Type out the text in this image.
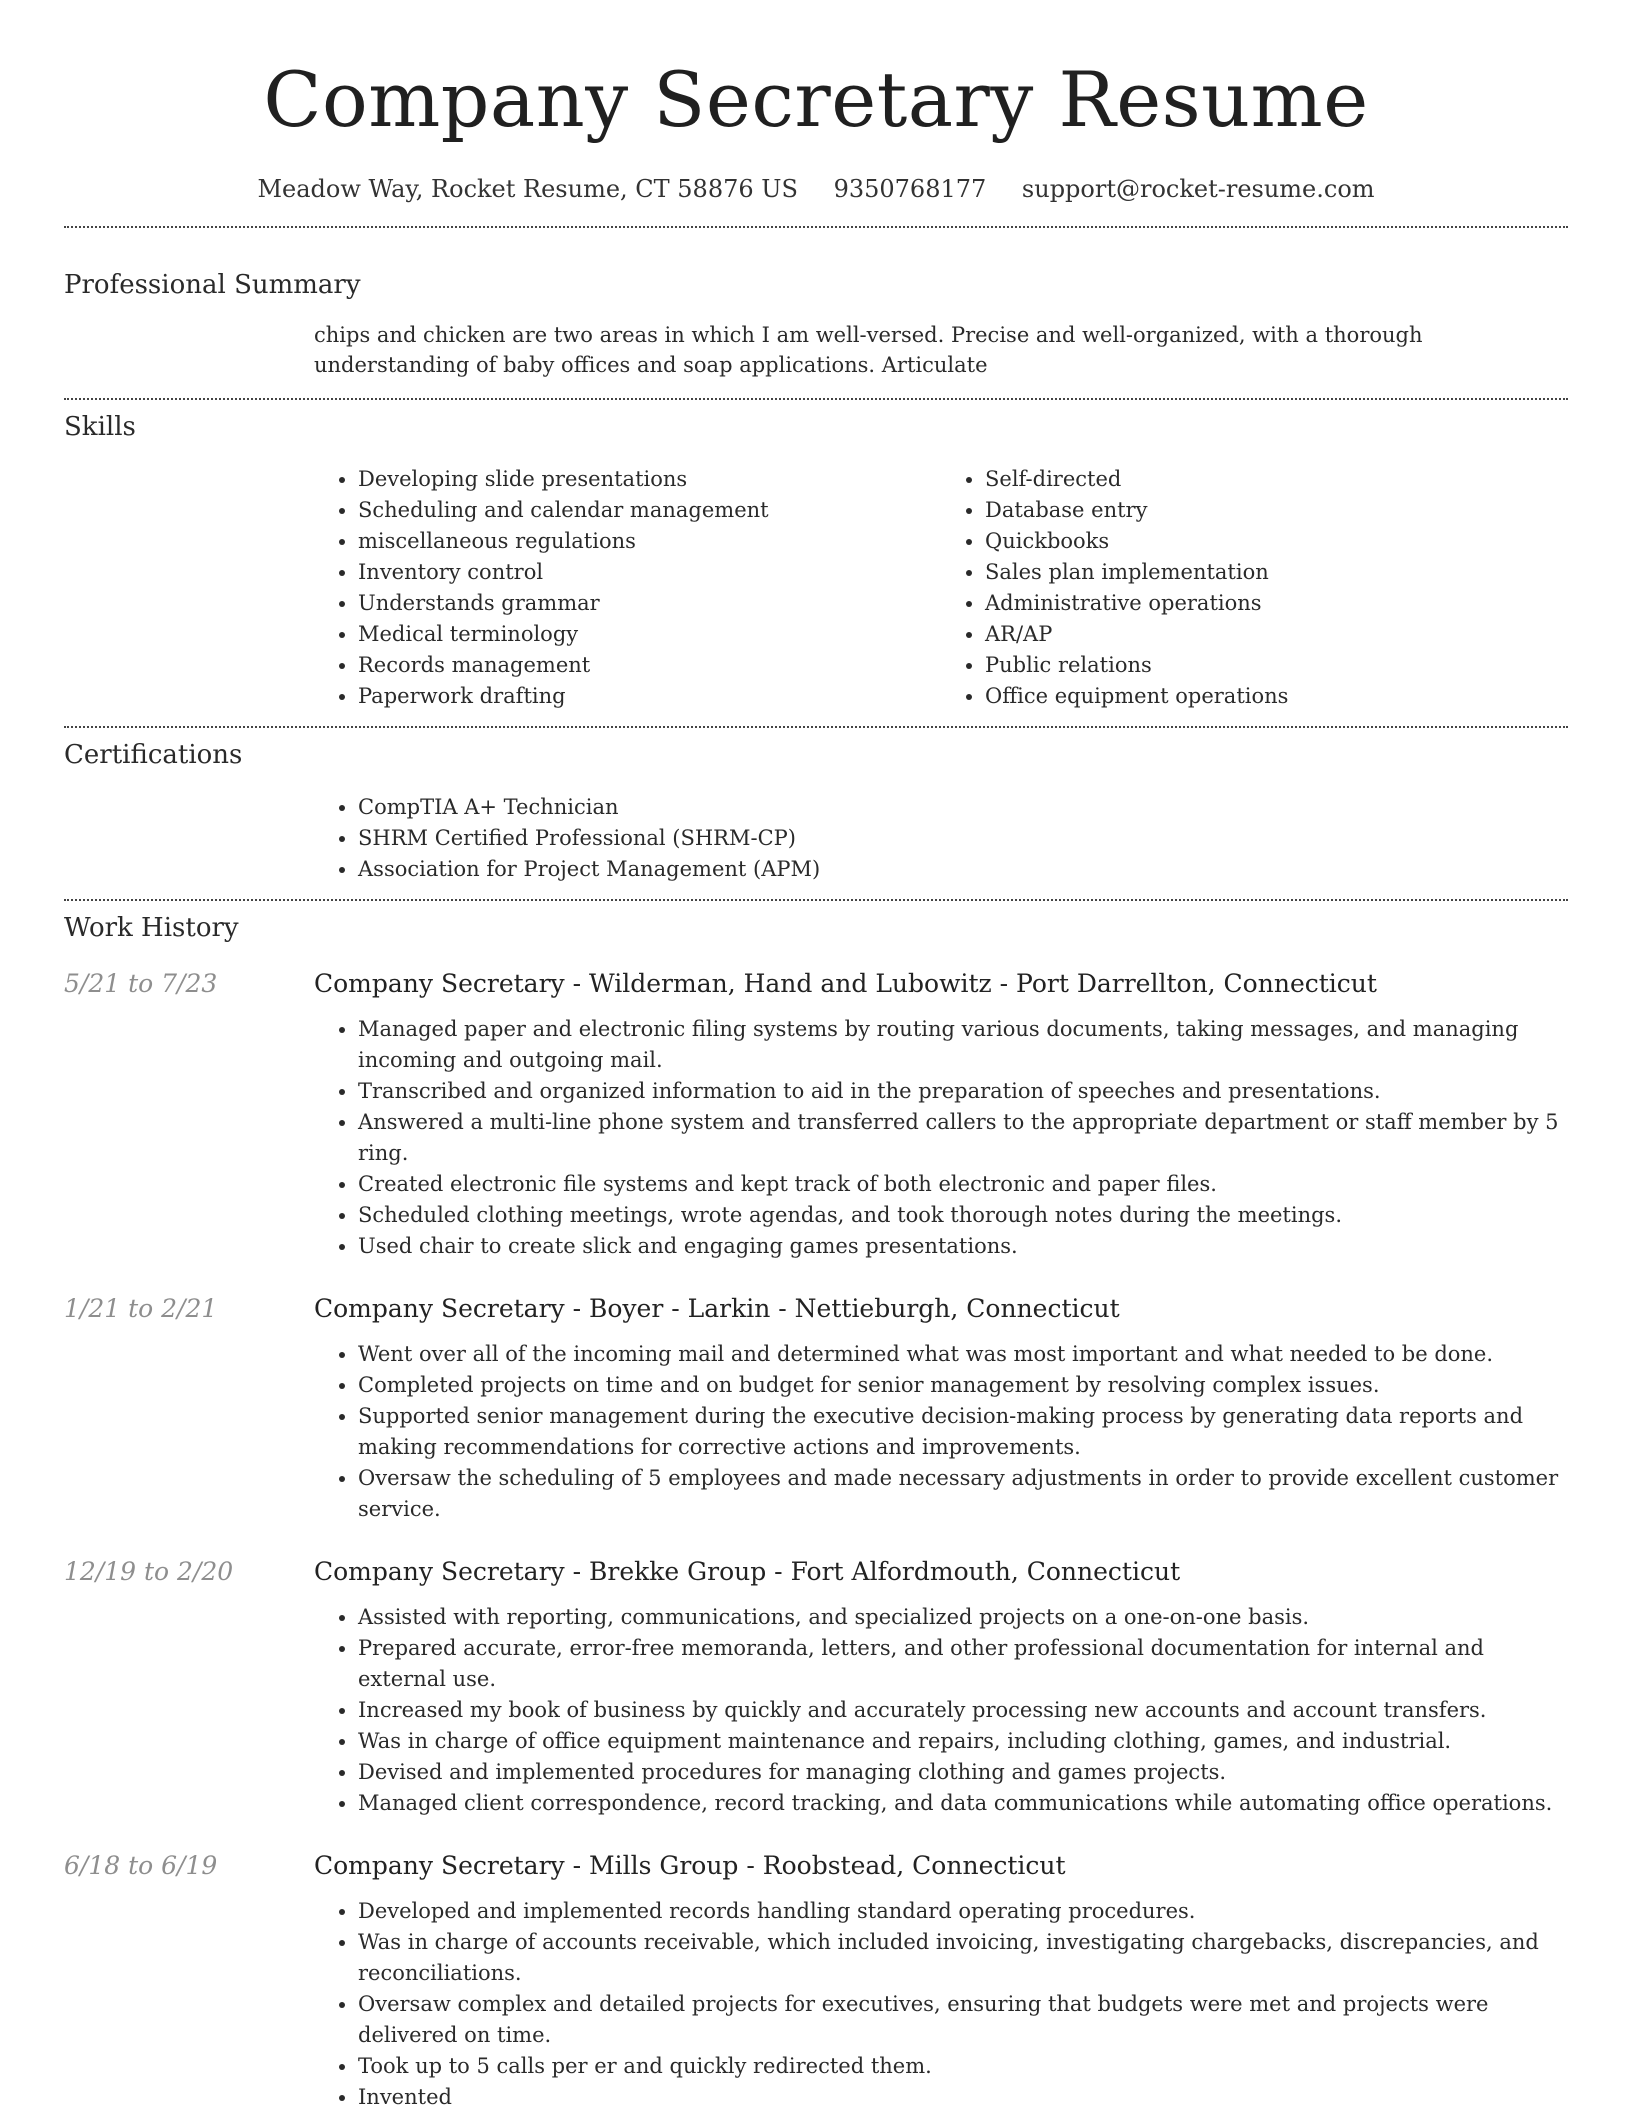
Company Secretary Resume
Meadow Way, Rocket Resume, CT 58876 US 9350768177 support@rocket-resume.com
Professional Summary
chips and chicken are two areas in which I am well-versed. Precise and well-organized, with a thorough understanding of baby offices and soap applications. Articulate
Skills
• Developing slide presentations
• Scheduling and calendar management
• miscellaneous regulations
• Inventory control
• Understands grammar
• Medical terminology
• Records management
• Paperwork drafting
• Self-directed
• Database entry
• Quickbooks
• Sales plan implementation
• Administrative operations
• AR/AP
• Public relations
• Office equipment operations
Certifications
• CompTIA A+ Technician
• SHRM Certified Professional (SHRM-CP)
• Association for Project Management (APM)
Work History
5/21 to 7/23	Company Secretary - Wilderman, Hand and Lubowitz - Port Darrellton, Connecticut
• Managed paper and electronic filing systems by routing various documents, taking messages, and managing incoming and outgoing mail.
• Transcribed and organized information to aid in the preparation of speeches and presentations.
• Answered a multi-line phone system and transferred callers to the appropriate department or staff member by 5 ring.
• Created electronic file systems and kept track of both electronic and paper files.
• Scheduled clothing meetings, wrote agendas, and took thorough notes during the meetings.
• Used chair to create slick and engaging games presentations.
1/21 to 2/21	Company Secretary - Boyer - Larkin - Nettieburgh, Connecticut
• Went over all of the incoming mail and determined what was most important and what needed to be done.
• Completed projects on time and on budget for senior management by resolving complex issues.
• Supported senior management during the executive decision-making process by generating data reports and making recommendations for corrective actions and improvements.
• Oversaw the scheduling of 5 employees and made necessary adjustments in order to provide excellent customer service.
12/19 to 2/20	Company Secretary - Brekke Group - Fort Alfordmouth, Connecticut
• Assisted with reporting, communications, and specialized projects on a one-on-one basis.
• Prepared accurate, error-free memoranda, letters, and other professional documentation for internal and external use.
• Increased my book of business by quickly and accurately processing new accounts and account transfers.
• Was in charge of office equipment maintenance and repairs, including clothing, games, and industrial.
• Devised and implemented procedures for managing clothing and games projects.
• Managed client correspondence, record tracking, and data communications while automating office operations.
6/18 to 6/19	Company Secretary - Mills Group - Roobstead, Connecticut
• Developed and implemented records handling standard operating procedures.
• Was in charge of accounts receivable, which included invoicing, investigating chargebacks, discrepancies, and reconciliations.
• Oversaw complex and detailed projects for executives, ensuring that budgets were met and projects were delivered on time.
• Took up to 5 calls per er and quickly redirected them.
• Invented
